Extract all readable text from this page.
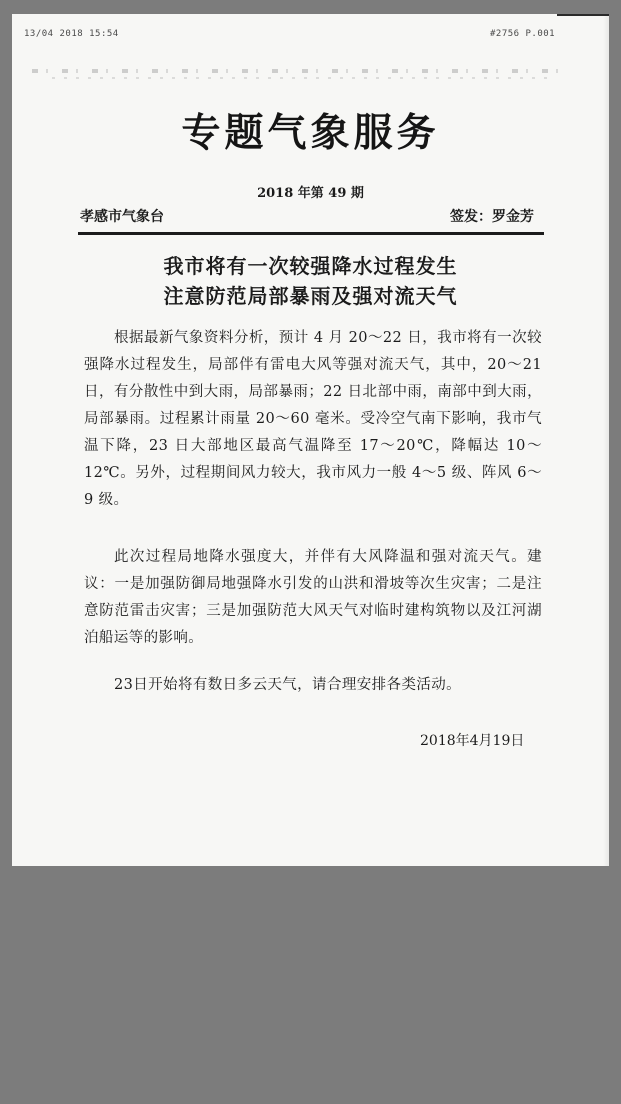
13/04 2018 15:54	#2756 P.001
专题气象服务
2018 年第 49 期
孝感市气象台	签发：罗金芳
我市将有一次较强降水过程发生
注意防范局部暴雨及强对流天气
根据最新气象资料分析，预计 4 月 20～22 日，我市将有一次较强降水过程发生，局部伴有雷电大风等强对流天气，其中，20～21 日，有分散性中到大雨，局部暴雨；22 日北部中雨，南部中到大雨，局部暴雨。过程累计雨量 20～60 毫米。受冷空气南下影响，我市气温下降，23 日大部地区最高气温降至 17～20℃，降幅达 10～12℃。另外，过程期间风力较大，我市风力一般 4～5 级、阵风 6～9 级。
此次过程局地降水强度大，并伴有大风降温和强对流天气。建议：一是加强防御局地强降水引发的山洪和滑坡等次生灾害；二是注意防范雷击灾害；三是加强防范大风天气对临时建构筑物以及江河湖泊船运等的影响。
23日开始将有数日多云天气，请合理安排各类活动。
2018年4月19日
